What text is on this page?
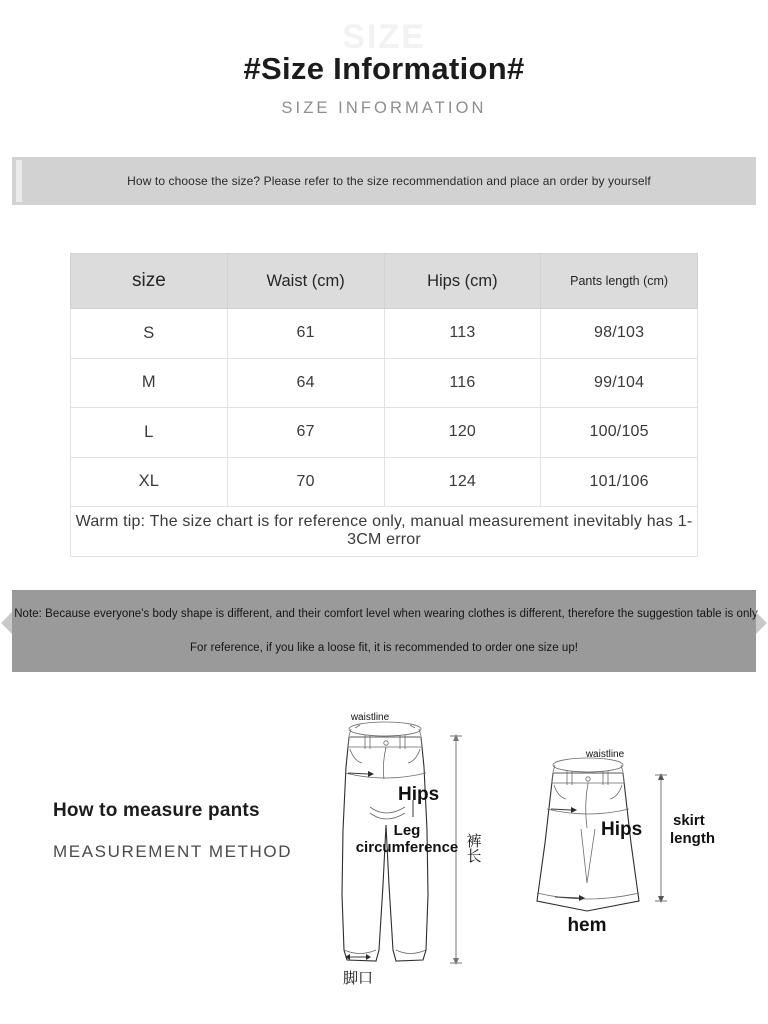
SIZE
#Size Information#
SIZE INFORMATION
How to choose the size? Please refer to the size recommendation and place an order by yourself
size	Waist (cm)	Hips (cm)	Pants length (cm)
S	61	113	98/103
M	64	116	99/104
L	67	120	100/105
XL	70	124	101/106
Warm tip: The size chart is for reference only, manual measurement inevitably has 1-3CM error			
Note: Because everyone's body shape is different, and their comfort level when wearing clothes is different, therefore the suggestion table is only
For reference, if you like a loose fit, it is recommended to order one size up!
How to measure pants
MEASUREMENT METHOD
waistline
Hips
Leg
circumference 裤长
脚口
waistline
Hips skirt
length
hem
